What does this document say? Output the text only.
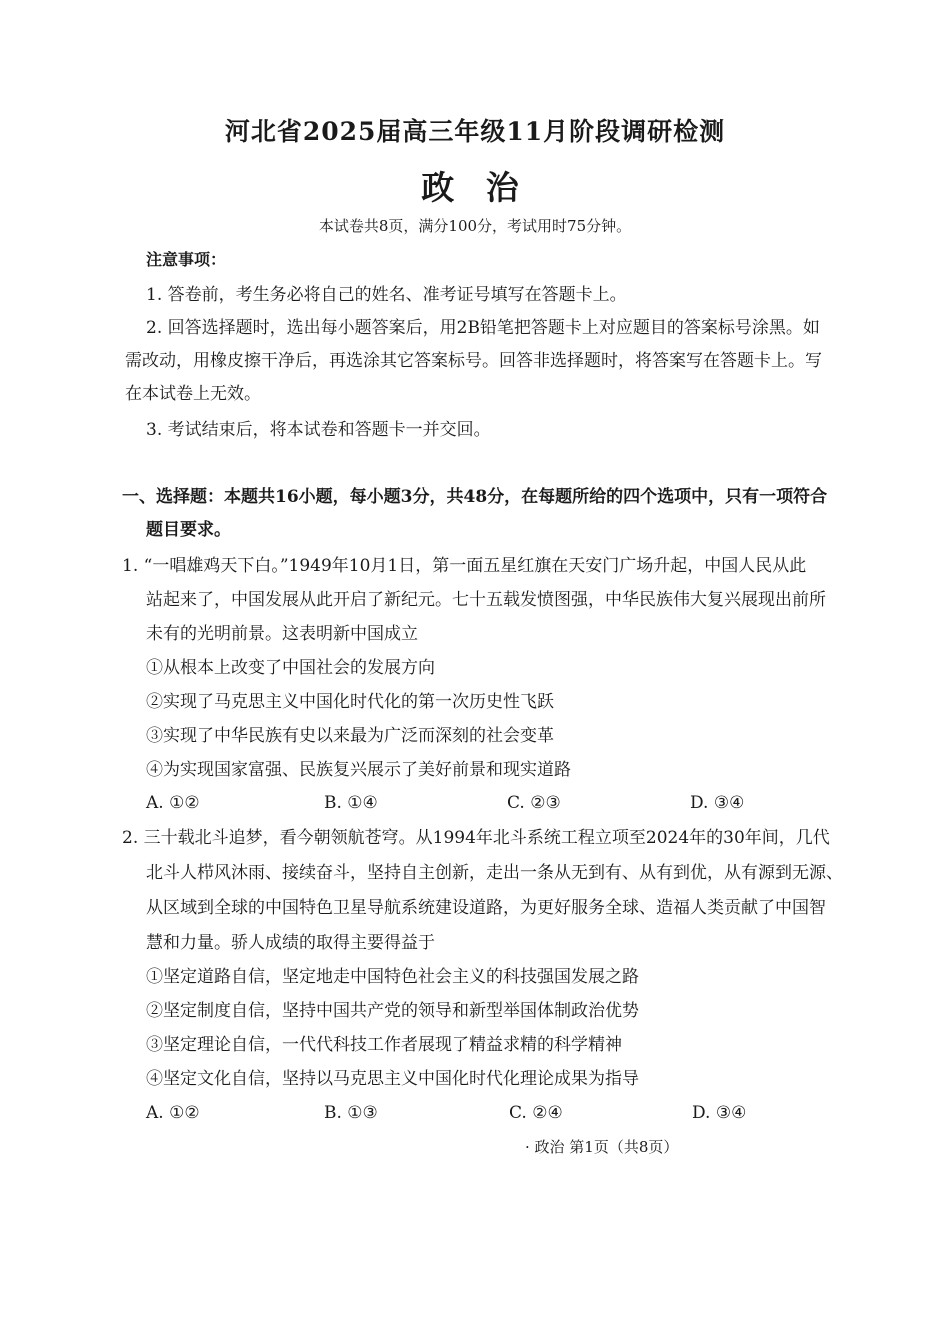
河北省2025届高三年级11月阶段调研检测
政 治
本试卷共8页，满分100分，考试用时75分钟。
注意事项：
1. 答卷前，考生务必将自己的姓名、准考证号填写在答题卡上。
2. 回答选择题时，选出每小题答案后，用2B铅笔把答题卡上对应题目的答案标号涂黑。如
需改动，用橡皮擦干净后，再选涂其它答案标号。回答非选择题时，将答案写在答题卡上。写
在本试卷上无效。
3. 考试结束后，将本试卷和答题卡一并交回。
一、选择题：本题共16小题，每小题3分，共48分，在每题所给的四个选项中，只有一项符合
题目要求。
1. “一唱雄鸡天下白。”1949年10月1日，第一面五星红旗在天安门广场升起，中国人民从此
站起来了，中国发展从此开启了新纪元。七十五载发愤图强，中华民族伟大复兴展现出前所
未有的光明前景。这表明新中国成立
①从根本上改变了中国社会的发展方向
②实现了马克思主义中国化时代化的第一次历史性飞跃
③实现了中华民族有史以来最为广泛而深刻的社会变革
④为实现国家富强、民族复兴展示了美好前景和现实道路
A. ①②	B. ①④	C. ②③	D. ③④
2. 三十载北斗追梦，看今朝领航苍穹。从1994年北斗系统工程立项至2024年的30年间，几代
北斗人栉风沐雨、接续奋斗，坚持自主创新，走出一条从无到有、从有到优，从有源到无源、
从区域到全球的中国特色卫星导航系统建设道路，为更好服务全球、造福人类贡献了中国智
慧和力量。骄人成绩的取得主要得益于
①坚定道路自信，坚定地走中国特色社会主义的科技强国发展之路
②坚定制度自信，坚持中国共产党的领导和新型举国体制政治优势
③坚定理论自信，一代代科技工作者展现了精益求精的科学精神
④坚定文化自信，坚持以马克思主义中国化时代化理论成果为指导
A. ①②	B. ①③	C. ②④	D. ③④
· 政治 第1页（共8页）
